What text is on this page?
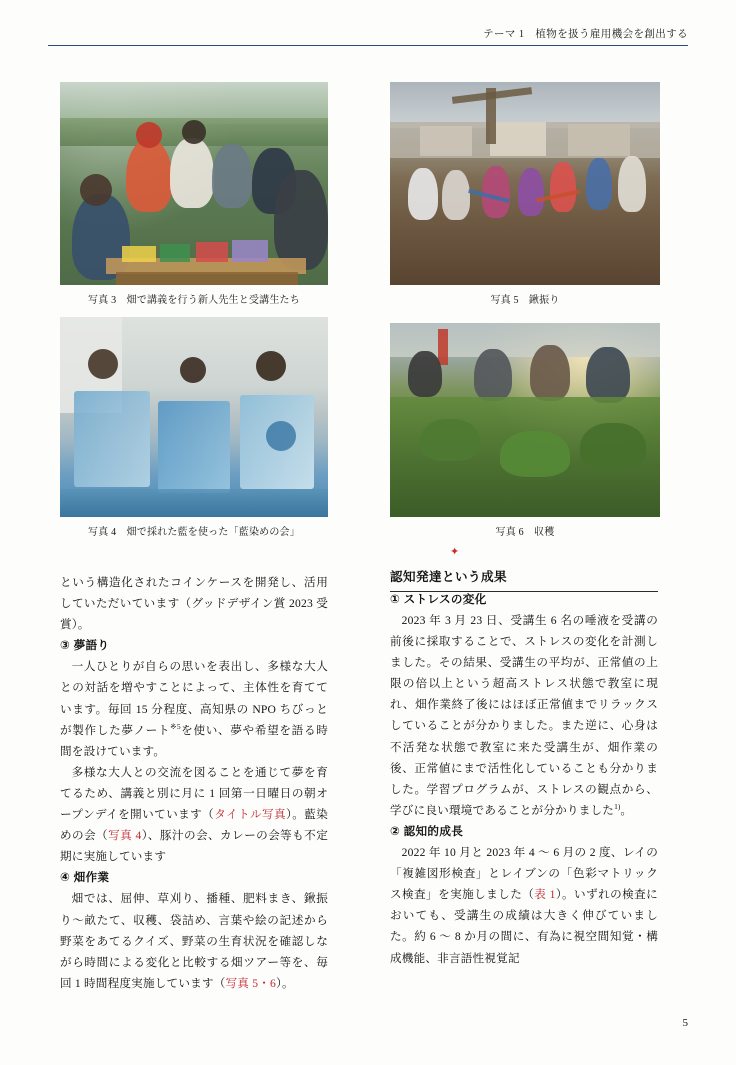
テーマ 1　植物を扱う雇用機会を創出する
写真 3　畑で講義を行う新人先生と受講生たち	写真 5　鍬振り
写真 4　畑で採れた藍を使った「藍染めの会」	写真 6　収穫
✦

という構造化されたコインケースを開発し、活用していただいています（グッドデザイン賞 2023 受賞）。

③ 夢語り

一人ひとりが自らの思いを表出し、多様な大人との対話を増やすことによって、主体性を育てています。毎回 15 分程度、高知県の NPO ちびっとが製作した夢ノート$^{※5}$を使い、夢や希望を語る時間を設けています。

多様な大人との交流を図ることを通じて夢を育てるため、講義と別に月に 1 回第一日曜日の朝オープンデイを開いています（タイトル写真）。藍染めの会（写真 4）、豚汁の会、カレーの会等も不定期に実施しています

④ 畑作業

畑では、屈伸、草刈り、播種、肥料まき、鍬振り〜畝たて、収穫、袋詰め、言葉や絵の記述から野菜をあてるクイズ、野菜の生育状況を確認しながら時間による変化と比較する畑ツアー等を、毎回 1 時間程度実施しています（写真 5・6）。

認知発達という成果

① ストレスの変化

2023 年 3 月 23 日、受講生 6 名の唾液を受講の前後に採取することで、ストレスの変化を計測しました。その結果、受講生の平均が、正常値の上限の倍以上という超高ストレス状態で教室に現れ、畑作業終了後にはほぼ正常値までリラックスしていることが分かりました。また逆に、心身は不活発な状態で教室に来た受講生が、畑作業の後、正常値にまで活性化していることも分かりました。学習プログラムが、ストレスの観点から、学びに良い環境であることが分かりました$^{1)}$。

② 認知的成長

2022 年 10 月と 2023 年 4 〜 6 月の 2 度、レイの「複雑図形検査」とレイブンの「色彩マトリックス検査」を実施しました（表 1）。いずれの検査においても、受講生の成績は大きく伸びていました。約 6 〜 8 か月の間に、有為に視空間知覚・構成機能、非言語性視覚記

5
